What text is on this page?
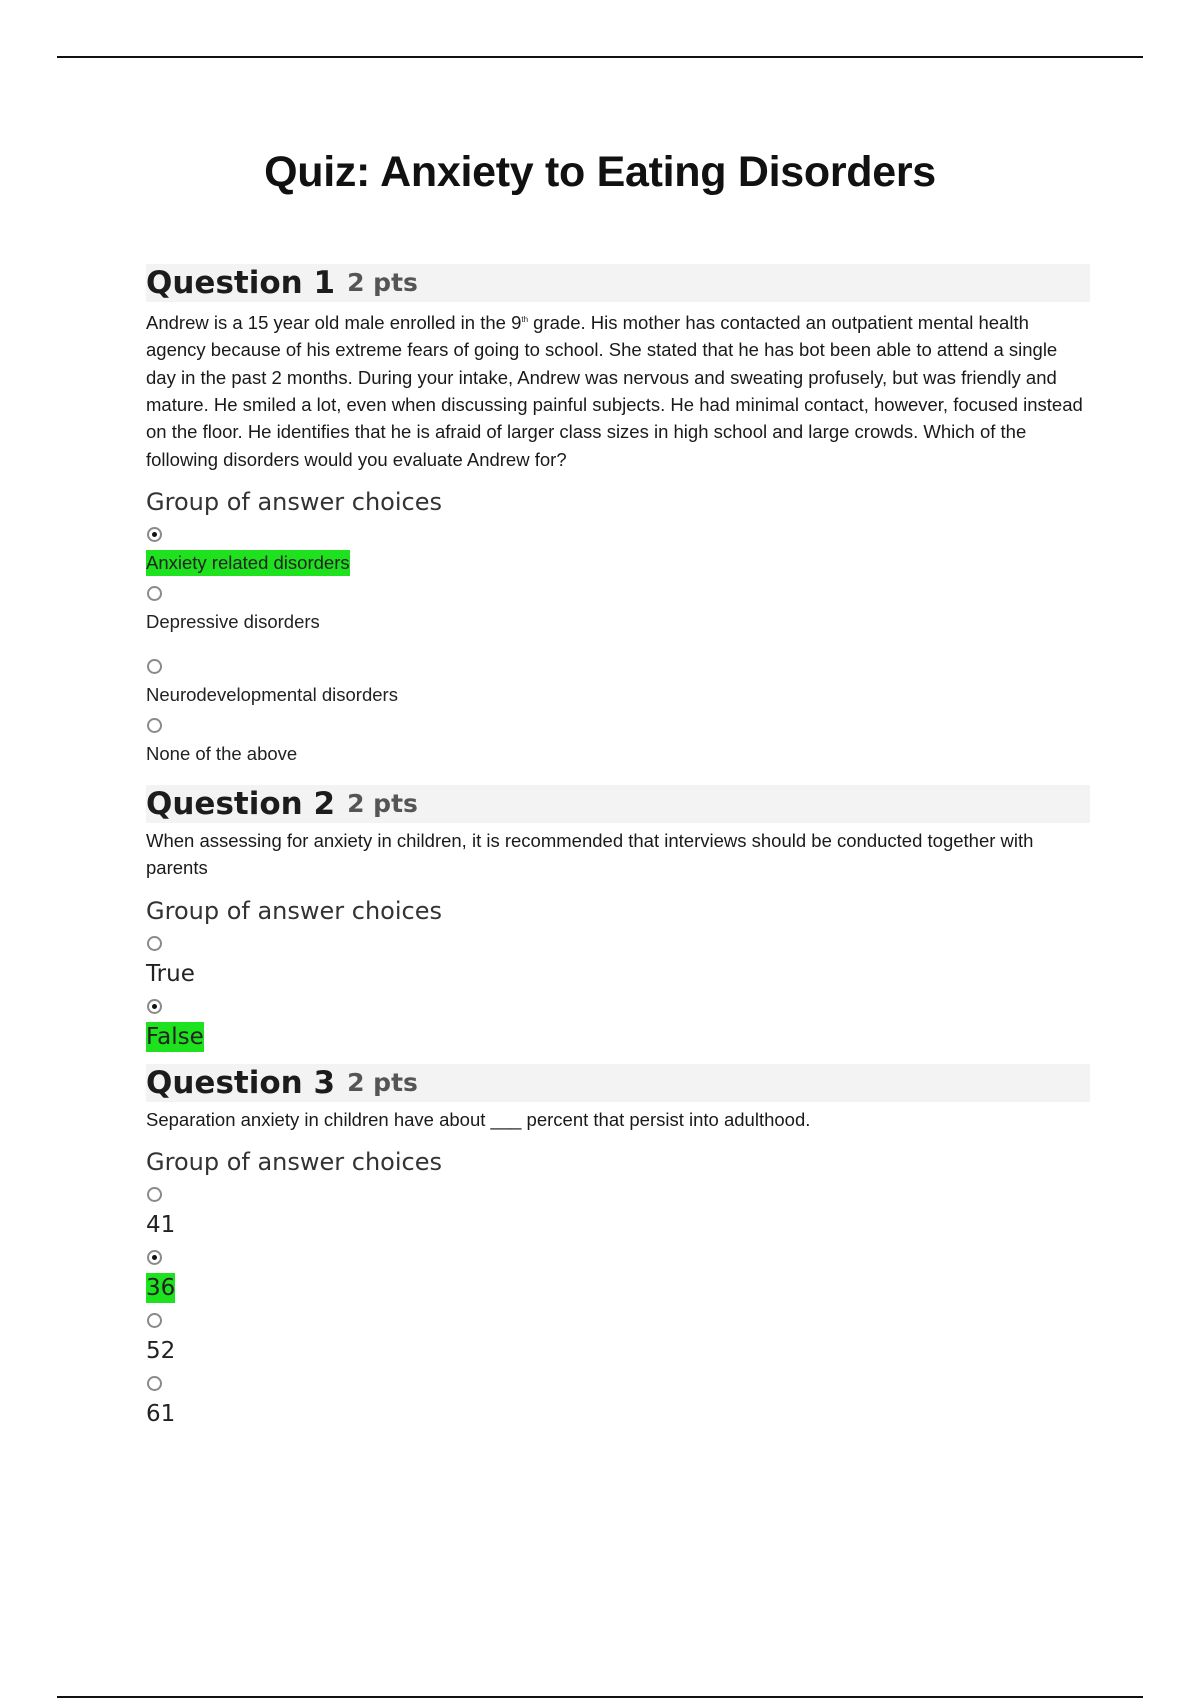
Quiz: Anxiety to Eating Disorders
Question 1 2 pts

Andrew is a 15 year old male enrolled in the 9th grade. His mother has contacted an outpatient mental health agency because of his extreme fears of going to school. She stated that he has bot been able to attend a single day in the past 2 months. During your intake, Andrew was nervous and sweating profusely, but was friendly and mature. He smiled a lot, even when discussing painful subjects. He had minimal contact, however, focused instead on the floor. He identifies that he is afraid of larger class sizes in high school and large crowds. Which of the following disorders would you evaluate Andrew for?

Group of answer choices
Anxiety related disorders
Depressive disorders
Neurodevelopmental disorders
None of the above
Question 2 2 pts

When assessing for anxiety in children, it is recommended that interviews should be conducted together with parents

Group of answer choices
True
False
Question 3 2 pts

Separation anxiety in children have about ___ percent that persist into adulthood.

Group of answer choices
41
36
52
61
